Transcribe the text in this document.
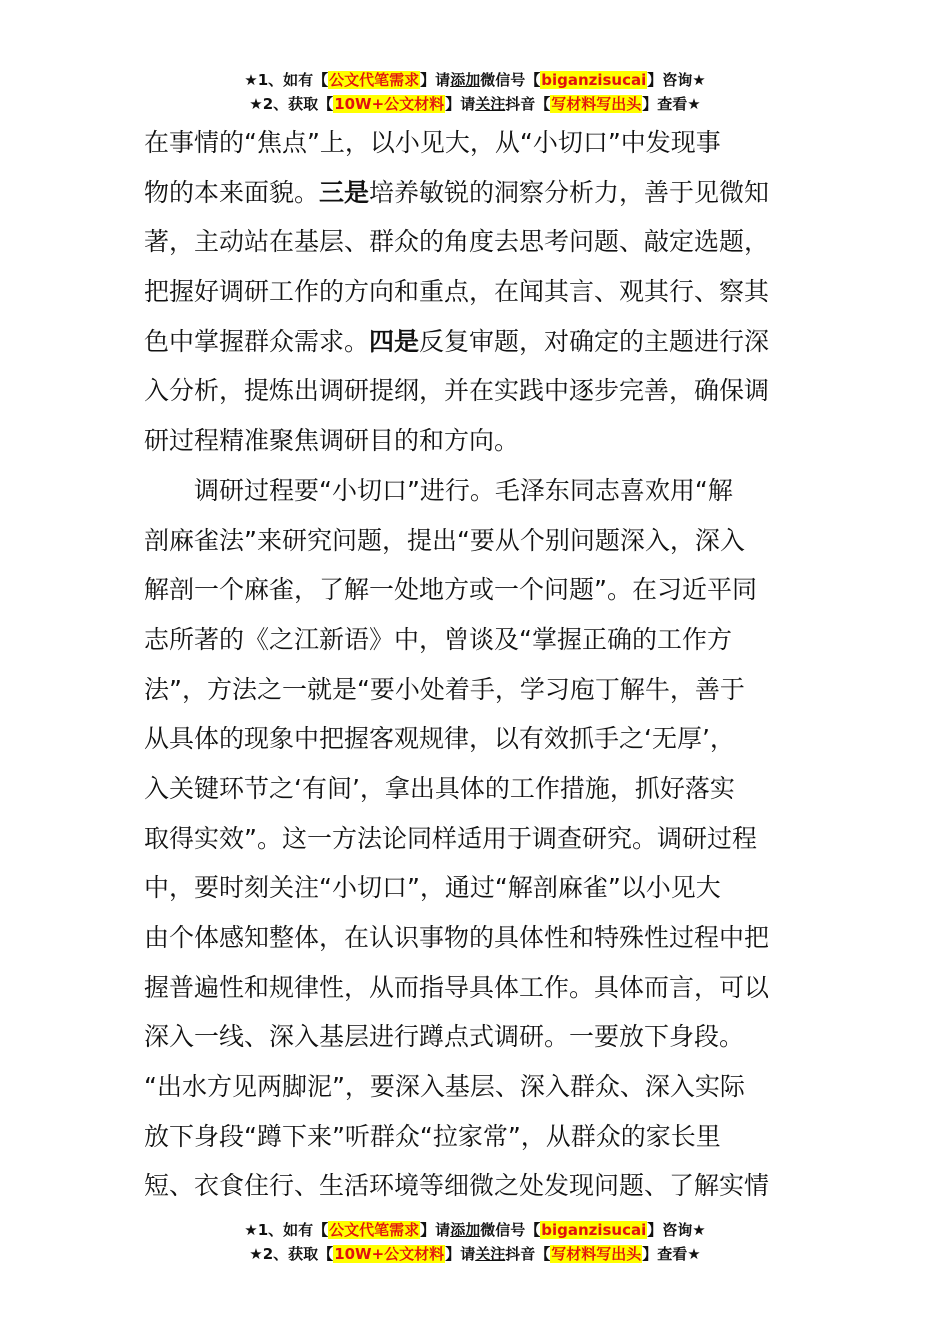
★1、如有【公文代笔需求】请添加微信号【biganzisucai】咨询★
★2、获取【10W+公文材料】请关注抖音【写材料写出头】查看★
在事情的“焦点”上，以小见大，从“小切口”中发现事
物的本来面貌。三是培养敏锐的洞察分析力，善于见微知
著，主动站在基层、群众的角度去思考问题、敲定选题，
把握好调研工作的方向和重点，在闻其言、观其行、察其
色中掌握群众需求。四是反复审题，对确定的主题进行深
入分析，提炼出调研提纲，并在实践中逐步完善，确保调
研过程精准聚焦调研目的和方向。
调研过程要“小切口”进行。毛泽东同志喜欢用“解
剖麻雀法”来研究问题，提出“要从个别问题深入，深入
解剖一个麻雀，了解一处地方或一个问题”。在习近平同
志所著的《之江新语》中，曾谈及“掌握正确的工作方
法”，方法之一就是“要小处着手，学习庖丁解牛，善于
从具体的现象中把握客观规律，以有效抓手之‘无厚’，
入关键环节之‘有间’，拿出具体的工作措施，抓好落实
取得实效”。这一方法论同样适用于调查研究。调研过程
中，要时刻关注“小切口”，通过“解剖麻雀”以小见大
由个体感知整体，在认识事物的具体性和特殊性过程中把
握普遍性和规律性，从而指导具体工作。具体而言，可以
深入一线、深入基层进行蹲点式调研。一要放下身段。
“出水方见两脚泥”，要深入基层、深入群众、深入实际
放下身段“蹲下来”听群众“拉家常”，从群众的家长里
短、衣食住行、生活环境等细微之处发现问题、了解实情
★1、如有【公文代笔需求】请添加微信号【biganzisucai】咨询★
★2、获取【10W+公文材料】请关注抖音【写材料写出头】查看★
